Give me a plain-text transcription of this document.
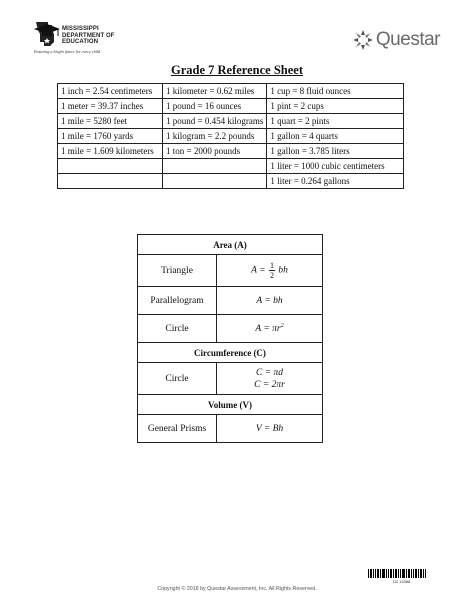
MISSISSIPPI
DEPARTMENT OF
EDUCATION
Ensuring a bright future for every child
Questar
Grade 7 Reference Sheet
1 inch = 2.54 centimeters	1 kilometer = 0.62 miles	1 cup = 8 fluid ounces
1 meter = 39.37 inches	1 pound = 16 ounces	1 pint = 2 cups
1 mile = 5280 feet	1 pound = 0.454 kilograms	1 quart = 2 pints
1 mile = 1760 yards	1 kilogram = 2.2 pounds	1 gallon = 4 quarts
1 mile = 1.609 kilometers	1 ton = 2000 pounds	1 gallon = 3.785 liters
		1 liter = 1000 cubic centimeters
		1 liter = 0.264 gallons
Area (A)	
Triangle	$A = \frac{1}{2}$ bh
Parallelogram	A = bh
Circle	$A = \pi r^2$
Circumference (C)	
Circle	C = πd
C = 2πr

Volume (V)	
General Prisms	V = Bh
D2 14388
Copyright © 2018 by Questar Assessment, Inc. All Rights Reserved.
